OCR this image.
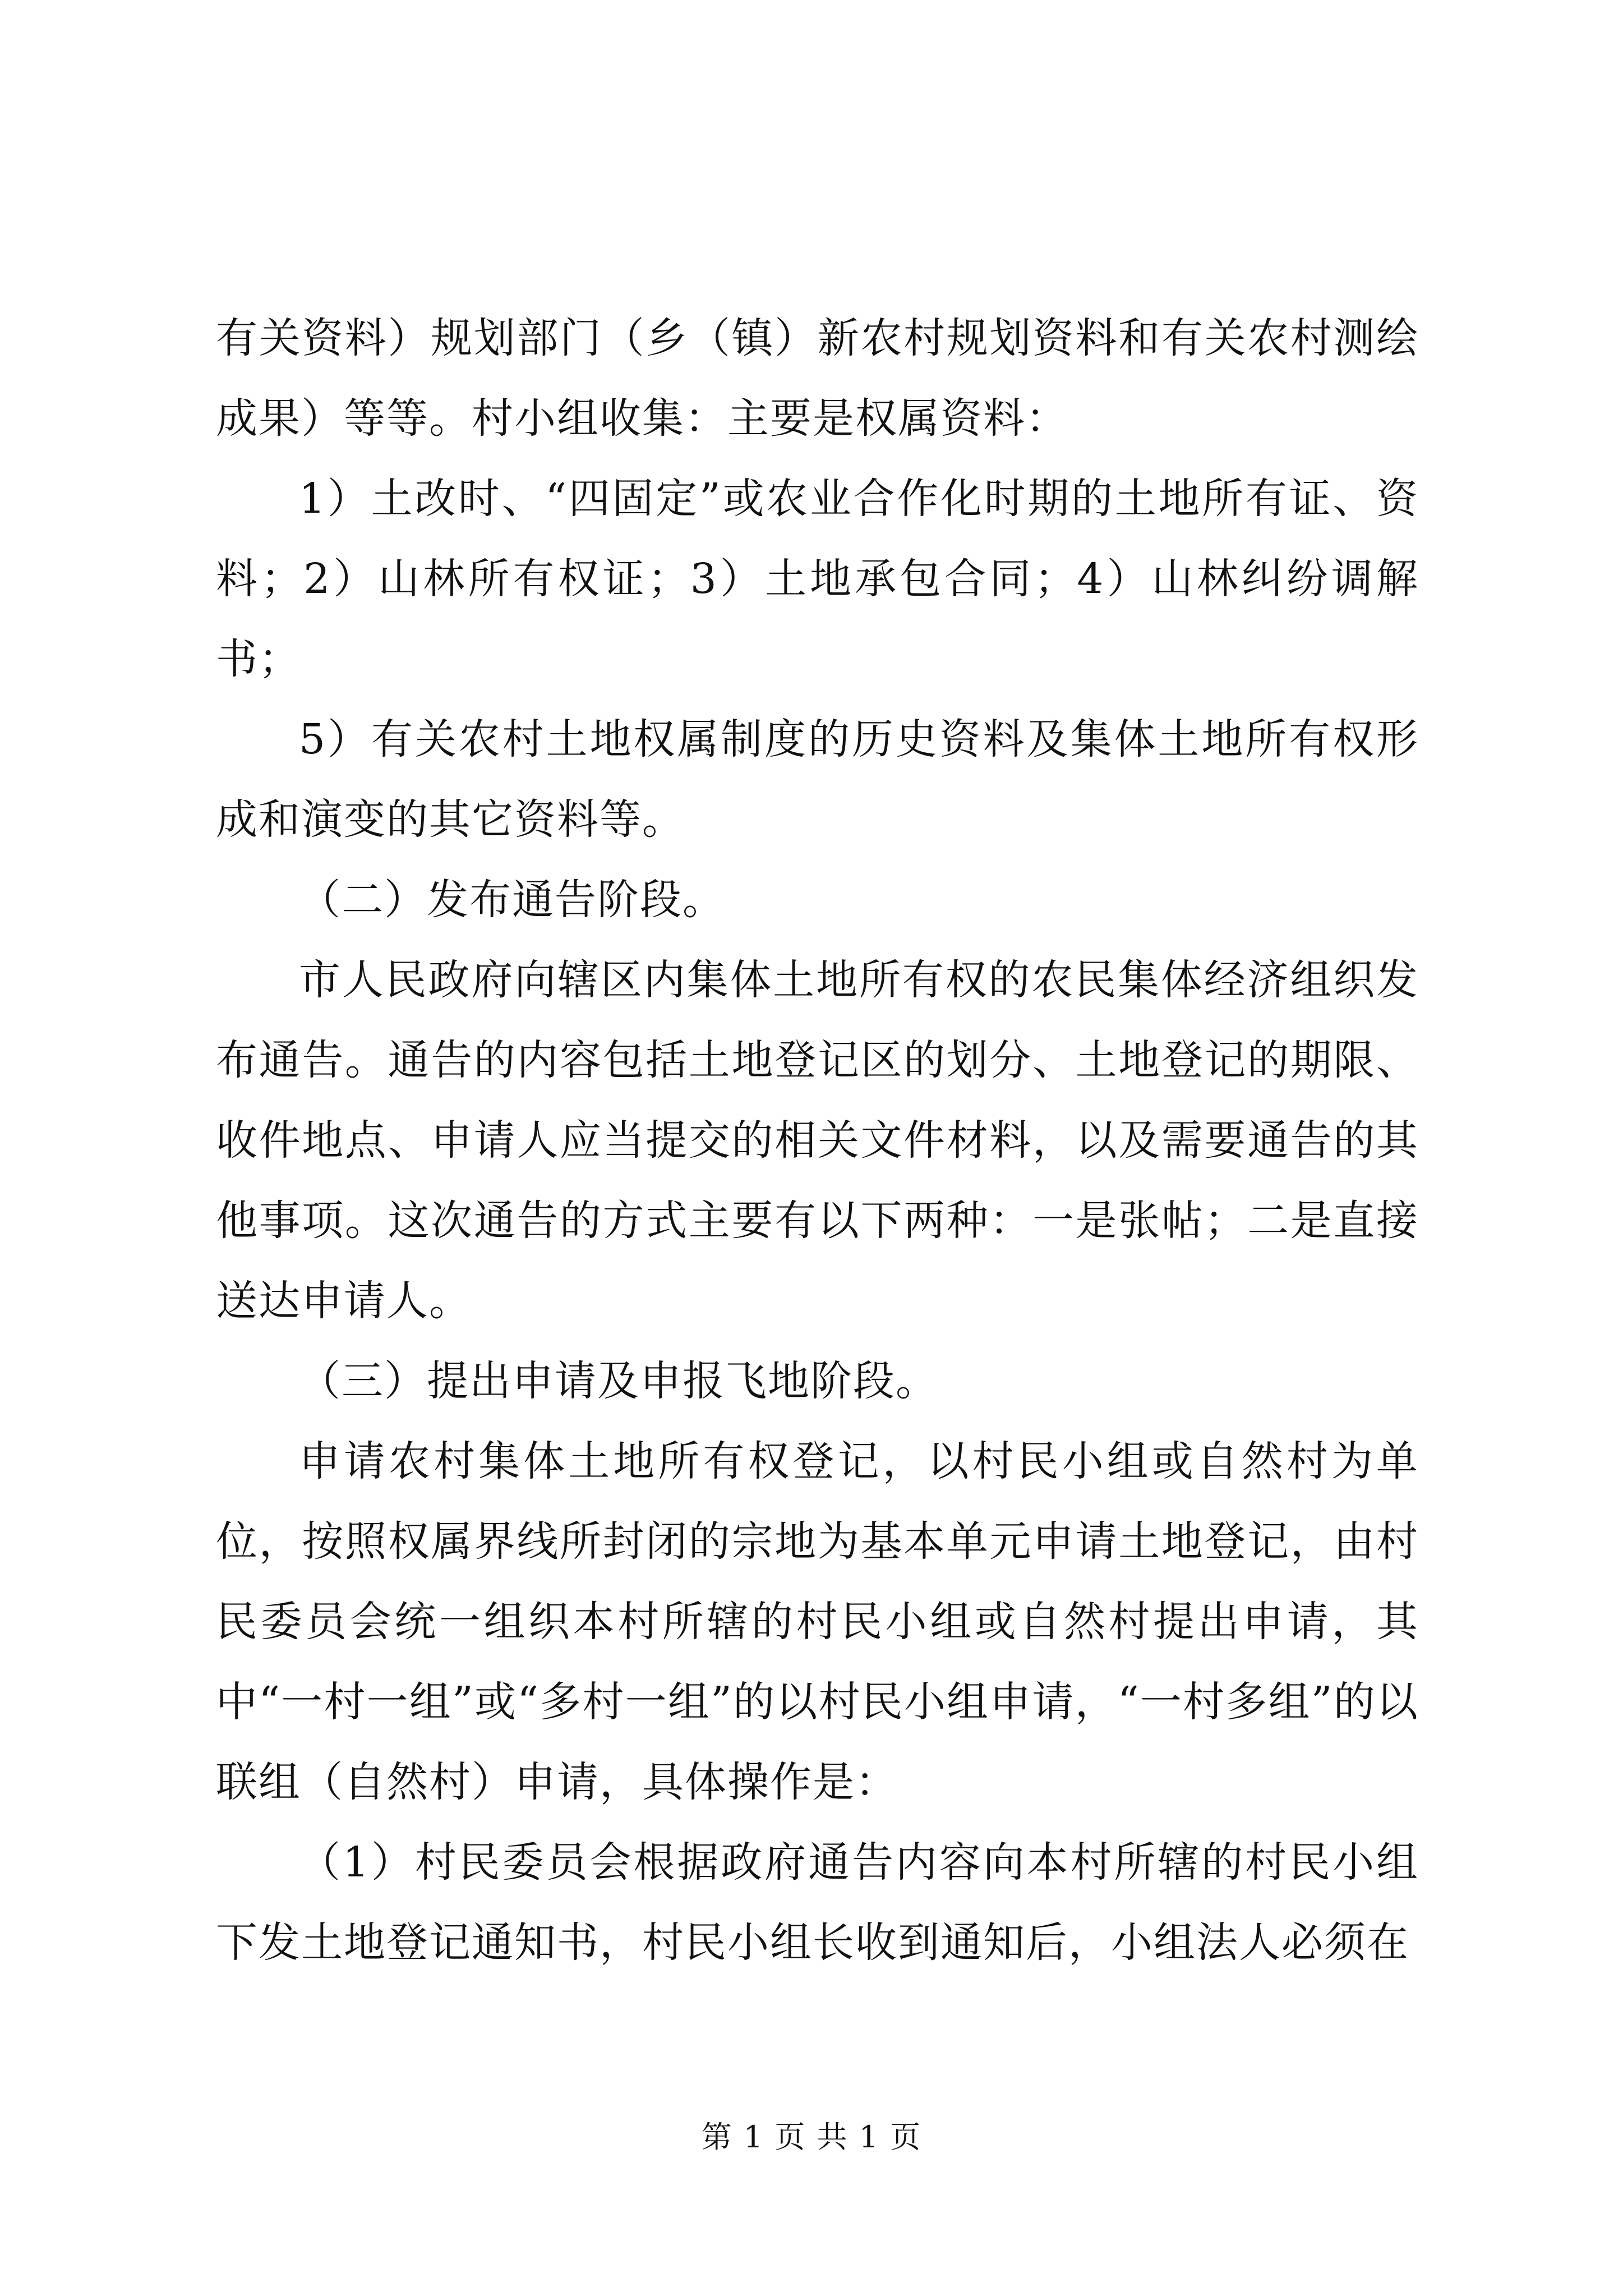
有关资料）规划部门（乡（镇）新农村规划资料和有关农村测绘成果）等等。村小组收集：主要是权属资料：

1）土改时、“四固定”或农业合作化时期的土地所有证、资料；2）山林所有权证；3）土地承包合同；4）山林纠纷调解书；

5）有关农村土地权属制度的历史资料及集体土地所有权形成和演变的其它资料等。

（二）发布通告阶段。

市人民政府向辖区内集体土地所有权的农民集体经济组织发布通告。通告的内容包括土地登记区的划分、土地登记的期限、收件地点、申请人应当提交的相关文件材料，以及需要通告的其他事项。这次通告的方式主要有以下两种：一是张帖；二是直接送达申请人。

（三）提出申请及申报飞地阶段。

申请农村集体土地所有权登记，以村民小组或自然村为单位，按照权属界线所封闭的宗地为基本单元申请土地登记，由村民委员会统一组织本村所辖的村民小组或自然村提出申请，其中“一村一组”或“多村一组”的以村民小组申请，“一村多组”的以联组（自然村）申请，具体操作是：

（1）村民委员会根据政府通告内容向本村所辖的村民小组下发土地登记通知书，村民小组长收到通知后，小组法人必须在

第 1 页 共 1 页
